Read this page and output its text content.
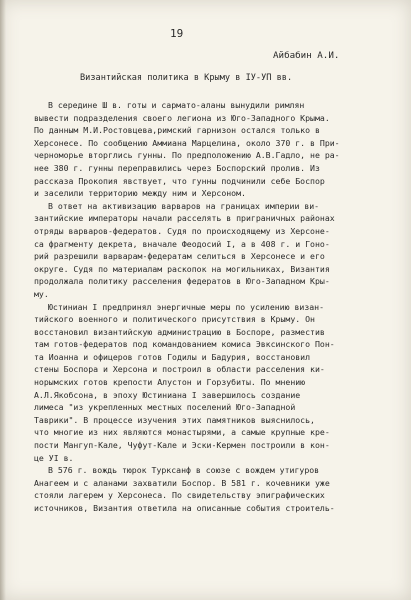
19
Айбабин А.И.
Византийская политика в Крыму в IУ-УП вв.
В середине Ш в. готы и сармато-аланы вынудили римлян
вывести подразделения своего легиона из Юго-Западного Крыма.
По данным М.И.Ростовцева,римский гарнизон остался только в
Херсонесе. По сообщению Аммиана Марцелина, около 370 г. в При-
черноморье вторглись гунны. По предположению А.В.Гадло, не ра-
нее 380 г. гунны переправились через Боспорский пролив. Из
рассказа Прокопия явствует, что гунны подчинили себе Боспор
и заселили территорию между ним и Херсоном.
В ответ на активизацию варваров на границах империи ви-
зантийские императоры начали расселять в приграничных районах
отряды варваров-федератов. Судя по происходящему из Херсоне-
са фрагменту декрета, вначале Феодосий I, а в 408 г. и Гоно-
рий разрешили варварам-федератам селиться в Херсонесе и его
округе. Судя по материалам раскопок на могильниках, Византия
продолжала политику расселения федератов в Юго-Западном Кры-
му.
Юстиниан I предпринял энергичные меры по усилению визан-
тийского военного и политического присутствия в Крыму. Он
восстановил византийскую администрацию в Боспоре, разместив
там готов-федератов под командованием комиса Эвксинского Пон-
та Иоанна и офицеров готов Годилы и Бадурия, восстановил
стены Боспора и Херсона и построил в области расселения ки-
норымских готов крепости Алустон и Горзубиты. По мнению
А.Л.Якобсона, в эпоху Юстиниана I завершилось создание
лимеса "из укрепленных местных поселений Юго-Западной
Таврики". В процессе изучения этих памятников выяснилось,
что многие из них являются монастырями, а самые крупные кре-
пости Мангуп-Кале, Чуфут-Кале и Эски-Кермен построили в кон-
це УI в.
В 576 г. вождь тюрок Турксанф в союзе с вождем утигуров
Анагеем и с аланами захватили Боспор. В 581 г. кочевники уже
стояли лагерем у Херсонеса. По свидетельству эпиграфических
источников, Византия ответила на описанные события строитель-
